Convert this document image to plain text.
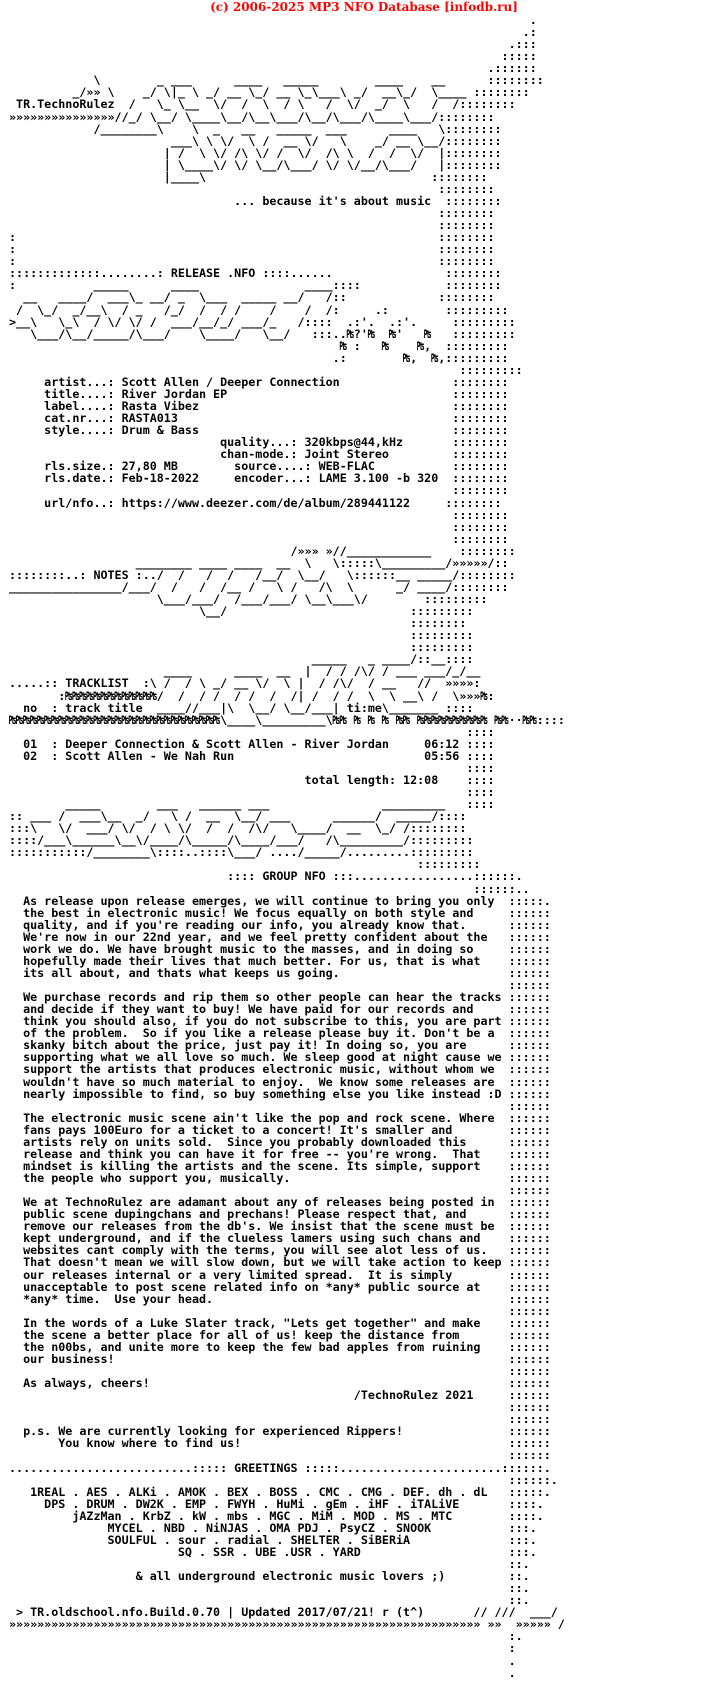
(c) 2006-2025 MP3 NFO Database [infodb.ru]
.
.:
.:::
:::::
.::::::
\        _ ___      ____   _____        ____    __      ::::::::
_/»» \    _/ \|_ \ _/ __ \_/ __ \_\___\ _/  __\_/  \____ ::::::::
TR.TechnoRulez  /   \_ \__  \/  /  \  / \   /  \/  _/  \   /  /::::::::
»»»»»»»»»»»»»»»//_/ \__/ \____\__/\__\___/\__/\___/\____\___/::::::::
/________\    \  _   __   _____  ___      ____   \::::::::
___\ \ \/  \ /  __ \/   \    _/ __ \__/::::::::
| /  \ \/ /\ \/ /  \/  /\ \  /  /  \/  |::::::::
| \____\/ \/ \__/\___/ \/ \/__/\___/   |::::::::
|____\                                ::::::::
::::::::
... because it's about music  ::::::::
::::::::
::::::::
:                                                            ::::::::
:                                                            ::::::::
:                                                            ::::::::
:::::::::::::........: RELEASE .NFO ::::......                ::::::::
:           _____      ____               ____::::            ::::::::
__   ____/  ___\_ __/ _  \___  _____ __/   /::             ::::::::
/  \_/  _/__\  / _   /_/  /  / /    /    /  /:     .:        :::::::::
>__\   \_\  / \/ \/ /  ___/__/_/ ___/_   /::::  .:'.  .:'.     :::::::::
\___/\__/_____/\___/    \____/   \__/   :::..₧?'₧  ₧'   ₧   :::::::::
₧ :   ₧    ₧,  :::::::::
.:        ₧,  ₧,:::::::::
:::::::::
artist...: Scott Allen / Deeper Connection                ::::::::
title....: River Jordan EP                                ::::::::
label....: Rasta Vibez                                    ::::::::
cat.nr...: RASTA013                                       ::::::::
style....: Drum & Bass                                    ::::::::
quality...: 320kbps@44,kHz       ::::::::
chan-mode.: Joint Stereo         ::::::::
rls.size.: 27,80 MB        source....: WEB-FLAC           ::::::::
rls.date.: Feb-18-2022     encoder...: LAME 3.100 -b 320  ::::::::
::::::::
url/nfo..: https://www.deezer.com/de/album/289441122     ::::::::
::::::::
::::::::
::::::::
/»»» »//____________    ::::::::
________ ____ ____  __  \   \:::::\_________/»»»»»/::
::::::::..: NOTES :../  /   /  /   /__/  \__/   \::::::__ _____/::::::::
________________/___/  /   /  /__ /   \ /   /\  \      _/ ____/::::::::
\___/___/  /___/___/ \__\___\/        :::::::::
\__/                          :::::::::
::::::::
:::::::::
:::::::::
_____   _ ____/::__::::
____      ____  __  |  / / /\/ / ___ ___/_/__
.....:: TRACKLIST  :\ /  / \ _/ __ \/  \ |  / /\/  / __   //  »»»»:
:₧₧₧₧₧₧₧₧₧₧₧₧₧/  /  / /  / /  /  /| /  / /  \  \ __\ /  \»»»₧:
no  : track title  ____//___|\  \__/ \__/___| ti:me\_______ ::::
₧₧₧₧₧₧₧₧₧₧₧₧₧₧₧₧₧₧₧₧₧₧₧₧₧₧₧₧₧₧\____\_________\₧₧ ₧ ₧ ₧ ₧₧ ₧₧₧₧₧₧₧₧₧₧ ₧₧··₧₧::::
::::
01  : Deeper Connection & Scott Allen - River Jordan     06:12 ::::
02  : Scott Allen - We Nah Run                           05:56 ::::
::::
total length: 12:08    ::::
::::
_____        ___   ______ ___                _________   ::::
:: ___ /  ___\__  _/   \ /  __  \__/ ___      ______/  _____/::::
:::\   \/  ___/ \/  / \ \/  /  /  /\/   \____/  __  \_/ /::::::::
::::/___\______\__\/____/\_____/\____/___/   /\_________/:::::::::
:::::::::::/________\::::..::::\___/ ..../_____/.........:::::::::
:::::::::
:::: GROUP NFO :::.................::::::.
::::::..
As release upon release emerges, we will continue to bring you only  :::::.
the best in electronic music! We focus equally on both style and     ::::::
quality, and if you're reading our info, you already know that.      ::::::
We're now in our 22nd year, and we feel pretty confident about the   ::::::
work we do. We have brought music to the masses, and in doing so     ::::::
hopefully made their lives that much better. For us, that is what    ::::::
its all about, and thats what keeps us going.                        ::::::
::::::
We purchase records and rip them so other people can hear the tracks ::::::
and decide if they want to buy! We have paid for our records and     ::::::
think you should also, if you do not subscribe to this, you are part ::::::
of the problem.  So if you like a release please buy it. Don't be a  ::::::
skanky bitch about the price, just pay it! In doing so, you are      ::::::
supporting what we all love so much. We sleep good at night cause we ::::::
support the artists that produces electronic music, without whom we  ::::::
wouldn't have so much material to enjoy.  We know some releases are  ::::::
nearly impossible to find, so buy something else you like instead :D ::::::
::::::
The electronic music scene ain't like the pop and rock scene. Where  ::::::
fans pays 100Euro for a ticket to a concert! It's smaller and        ::::::
artists rely on units sold.  Since you probably downloaded this      ::::::
release and think you can have it for free -- you're wrong.  That    ::::::
mindset is killing the artists and the scene. Its simple, support    ::::::
the people who support you, musically.                               ::::::
::::::
We at TechnoRulez are adamant about any of releases being posted in  ::::::
public scene dupingchans and prechans! Please respect that, and      ::::::
remove our releases from the db's. We insist that the scene must be  ::::::
kept underground, and if the clueless lamers using such chans and    ::::::
websites cant comply with the terms, you will see alot less of us.   ::::::
That doesn't mean we will slow down, but we will take action to keep ::::::
our releases internal or a very limited spread.  It is simply        ::::::
unacceptable to post scene related info on *any* public source at    ::::::
*any* time.  Use your head.                                          ::::::
::::::
In the words of a Luke Slater track, "Lets get together" and make    ::::::
the scene a better place for all of us! keep the distance from       ::::::
the n00bs, and unite more to keep the few bad apples from ruining    ::::::
our business!                                                        ::::::
::::::
As always, cheers!                                                   ::::::
/TechnoRulez 2021     ::::::
::::::
::::::
p.s. We are currently looking for experienced Rippers!               ::::::
You know where to find us!                                      ::::::
::::::
..........................::::: GREETINGS :::::.......................::::::.
::::::.
1REAL . AES . ALKi . AMOK . BEX . BOSS . CMC . CMG . DEF. dh . dL   :::::.
DPS . DRUM . DW2K . EMP . FWYH . HuMi . gEm . iHF . iTALiVE       ::::.
jAZzMan . KrbZ . kW . mbs . MGC . MiM . MOD . MS . MTC        ::::.
MYCEL . NBD . NiNJAS . OMA PDJ . PsyCZ . SNOOK           :::.
SOULFUL . sour . radial . SHELTER . SiBERiA              :::.
SQ . SSR . UBE .USR . YARD                     :::.
::.
& all underground electronic music lovers ;)         ::.
::.
::.
> TR.oldschool.nfo.Build.0.70 | Updated 2017/07/21! r (t^)       // ///  ___/
»»»»»»»»»»»»»»»»»»»»»»»»»»»»»»»»»»»»»»»»»»»»»»»»»»»»»»»»»»»»»»»»»»» »»  »»»»» /
:.
:
.
.
